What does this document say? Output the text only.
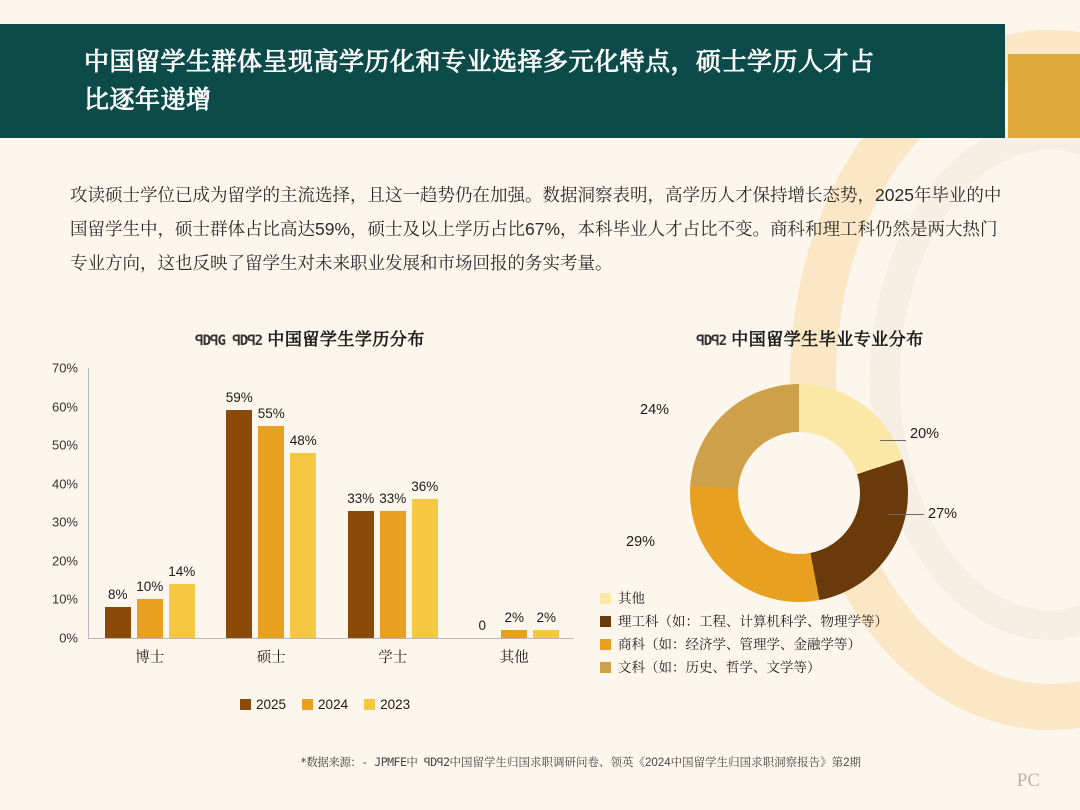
中国留学生群体呈现高学历化和专业选择多元化特点，硕士学历人才占比逐年递增
攻读硕士学位已成为留学的主流选择，且这一趋势仍在加强。数据洞察表明，高学历人才保持增长态势，2025年毕业的中国留学生中，硕士群体占比高达59%，硕士及以上学历占比67%，本科毕业人才占比不变。商科和理工科仍然是两大热门专业方向，这也反映了留学生对未来职业发展和市场回报的务实考量。
ꟼDꟼG ꟼDꟼ2 中国留学生学历分布
0%
10%
20%
30%
40%
50%
60%
70%
8%
10%
14%
博士
59%
55%
48%
硕士
33% 33%
36%
学士
0
2% 2%
其他
2025 2024 2023
ꟼDꟼ2 中国留学生毕业专业分布
20%
27%
29%
24%
其他
理工科（如：工程、计算机科学、物理学等）
商科（如：经济学、管理学、金融学等）
文科（如：历史、哲学、文学等）
*数据来源：- JPMFE中 ꟼDꟼ2中国留学生归国求职调研问卷、领英《2024中国留学生归国求职洞察报告》第2期
PC
